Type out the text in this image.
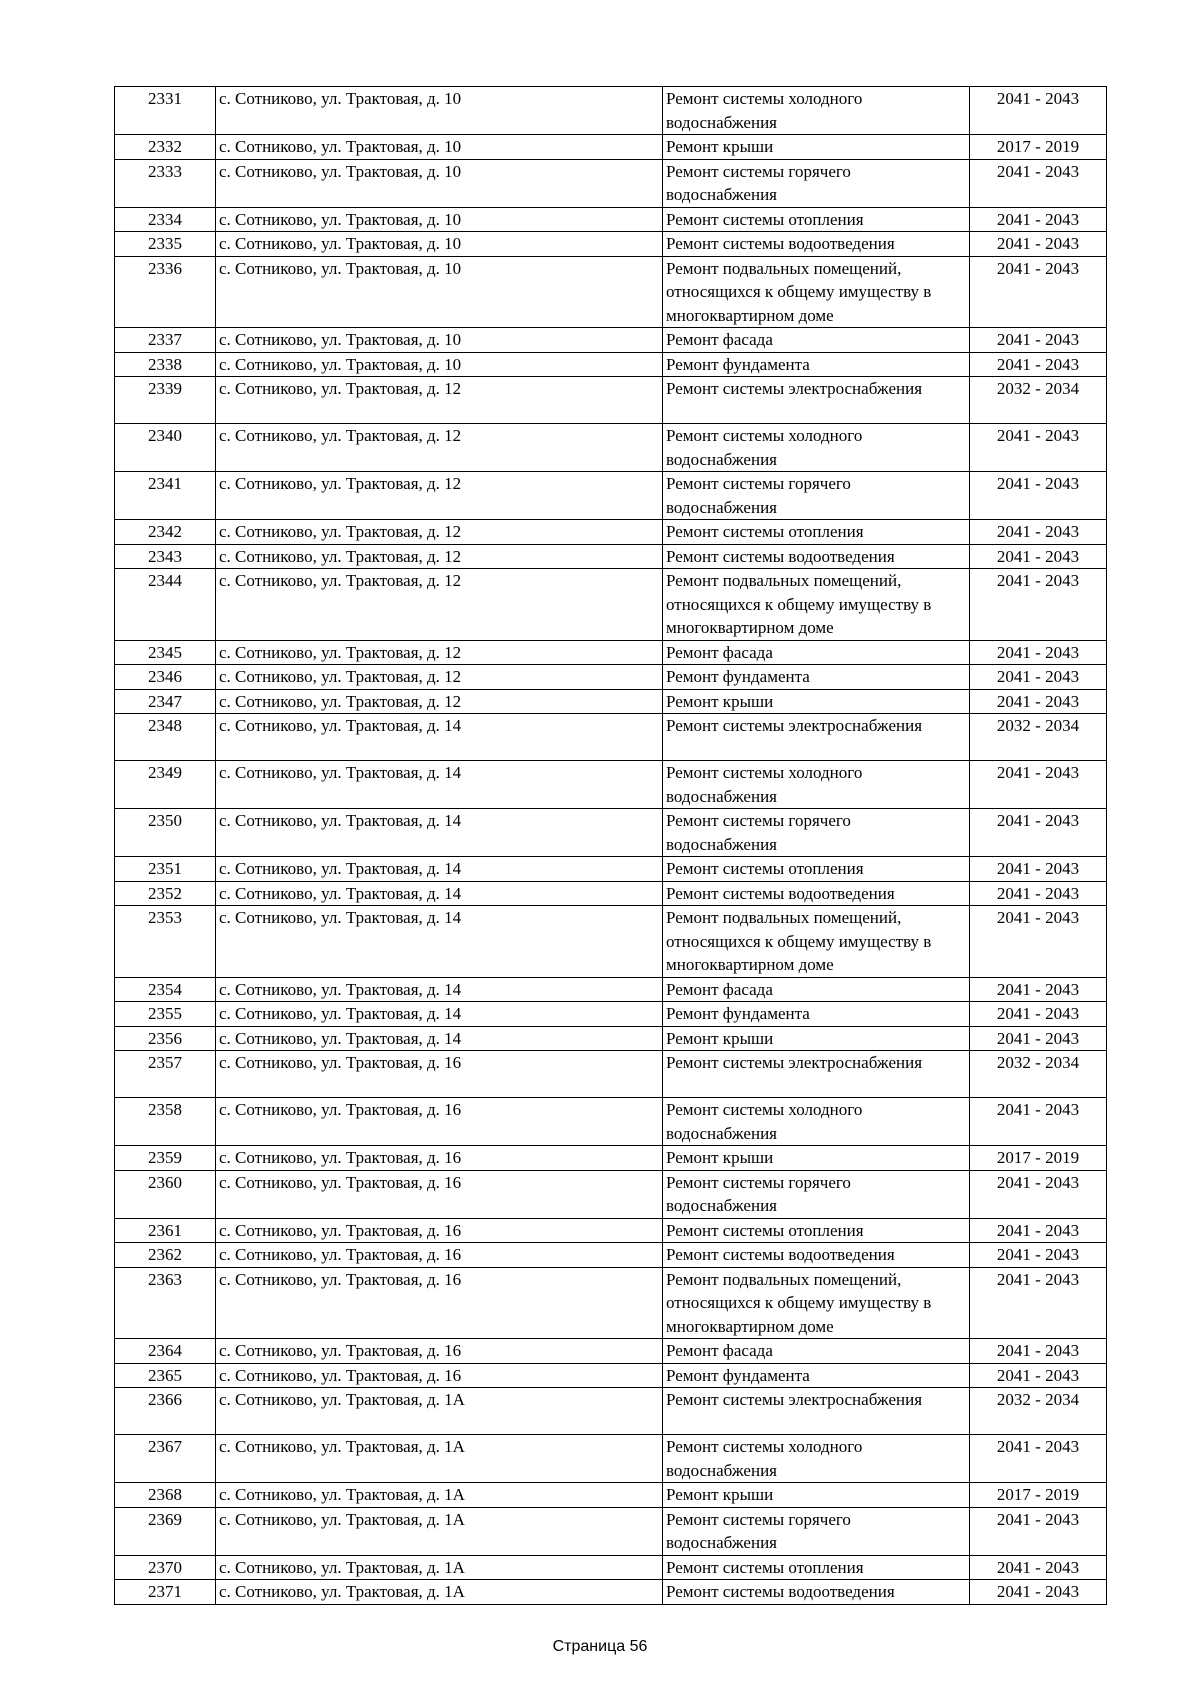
2331	с. Сотниково, ул. Трактовая, д. 10	Ремонт системы холодного водоснабжения	2041 - 2043
2332	с. Сотниково, ул. Трактовая, д. 10	Ремонт крыши	2017 - 2019
2333	с. Сотниково, ул. Трактовая, д. 10	Ремонт системы горячего водоснабжения	2041 - 2043
2334	с. Сотниково, ул. Трактовая, д. 10	Ремонт системы отопления	2041 - 2043
2335	с. Сотниково, ул. Трактовая, д. 10	Ремонт системы водоотведения	2041 - 2043
2336	с. Сотниково, ул. Трактовая, д. 10	Ремонт подвальных помещений, относящихся к общему имуществу в многоквартирном доме	2041 - 2043
2337	с. Сотниково, ул. Трактовая, д. 10	Ремонт фасада	2041 - 2043
2338	с. Сотниково, ул. Трактовая, д. 10	Ремонт фундамента	2041 - 2043
2339	с. Сотниково, ул. Трактовая, д. 12	Ремонт системы электроснабжения	2032 - 2034
2340	с. Сотниково, ул. Трактовая, д. 12	Ремонт системы холодного водоснабжения	2041 - 2043
2341	с. Сотниково, ул. Трактовая, д. 12	Ремонт системы горячего водоснабжения	2041 - 2043
2342	с. Сотниково, ул. Трактовая, д. 12	Ремонт системы отопления	2041 - 2043
2343	с. Сотниково, ул. Трактовая, д. 12	Ремонт системы водоотведения	2041 - 2043
2344	с. Сотниково, ул. Трактовая, д. 12	Ремонт подвальных помещений, относящихся к общему имуществу в многоквартирном доме	2041 - 2043
2345	с. Сотниково, ул. Трактовая, д. 12	Ремонт фасада	2041 - 2043
2346	с. Сотниково, ул. Трактовая, д. 12	Ремонт фундамента	2041 - 2043
2347	с. Сотниково, ул. Трактовая, д. 12	Ремонт крыши	2041 - 2043
2348	с. Сотниково, ул. Трактовая, д. 14	Ремонт системы электроснабжения	2032 - 2034
2349	с. Сотниково, ул. Трактовая, д. 14	Ремонт системы холодного водоснабжения	2041 - 2043
2350	с. Сотниково, ул. Трактовая, д. 14	Ремонт системы горячего водоснабжения	2041 - 2043
2351	с. Сотниково, ул. Трактовая, д. 14	Ремонт системы отопления	2041 - 2043
2352	с. Сотниково, ул. Трактовая, д. 14	Ремонт системы водоотведения	2041 - 2043
2353	с. Сотниково, ул. Трактовая, д. 14	Ремонт подвальных помещений, относящихся к общему имуществу в многоквартирном доме	2041 - 2043
2354	с. Сотниково, ул. Трактовая, д. 14	Ремонт фасада	2041 - 2043
2355	с. Сотниково, ул. Трактовая, д. 14	Ремонт фундамента	2041 - 2043
2356	с. Сотниково, ул. Трактовая, д. 14	Ремонт крыши	2041 - 2043
2357	с. Сотниково, ул. Трактовая, д. 16	Ремонт системы электроснабжения	2032 - 2034
2358	с. Сотниково, ул. Трактовая, д. 16	Ремонт системы холодного водоснабжения	2041 - 2043
2359	с. Сотниково, ул. Трактовая, д. 16	Ремонт крыши	2017 - 2019
2360	с. Сотниково, ул. Трактовая, д. 16	Ремонт системы горячего водоснабжения	2041 - 2043
2361	с. Сотниково, ул. Трактовая, д. 16	Ремонт системы отопления	2041 - 2043
2362	с. Сотниково, ул. Трактовая, д. 16	Ремонт системы водоотведения	2041 - 2043
2363	с. Сотниково, ул. Трактовая, д. 16	Ремонт подвальных помещений, относящихся к общему имуществу в многоквартирном доме	2041 - 2043
2364	с. Сотниково, ул. Трактовая, д. 16	Ремонт фасада	2041 - 2043
2365	с. Сотниково, ул. Трактовая, д. 16	Ремонт фундамента	2041 - 2043
2366	с. Сотниково, ул. Трактовая, д. 1А	Ремонт системы электроснабжения	2032 - 2034
2367	с. Сотниково, ул. Трактовая, д. 1А	Ремонт системы холодного водоснабжения	2041 - 2043
2368	с. Сотниково, ул. Трактовая, д. 1А	Ремонт крыши	2017 - 2019
2369	с. Сотниково, ул. Трактовая, д. 1А	Ремонт системы горячего водоснабжения	2041 - 2043
2370	с. Сотниково, ул. Трактовая, д. 1А	Ремонт системы отопления	2041 - 2043
2371	с. Сотниково, ул. Трактовая, д. 1А	Ремонт системы водоотведения	2041 - 2043
Страница 56
